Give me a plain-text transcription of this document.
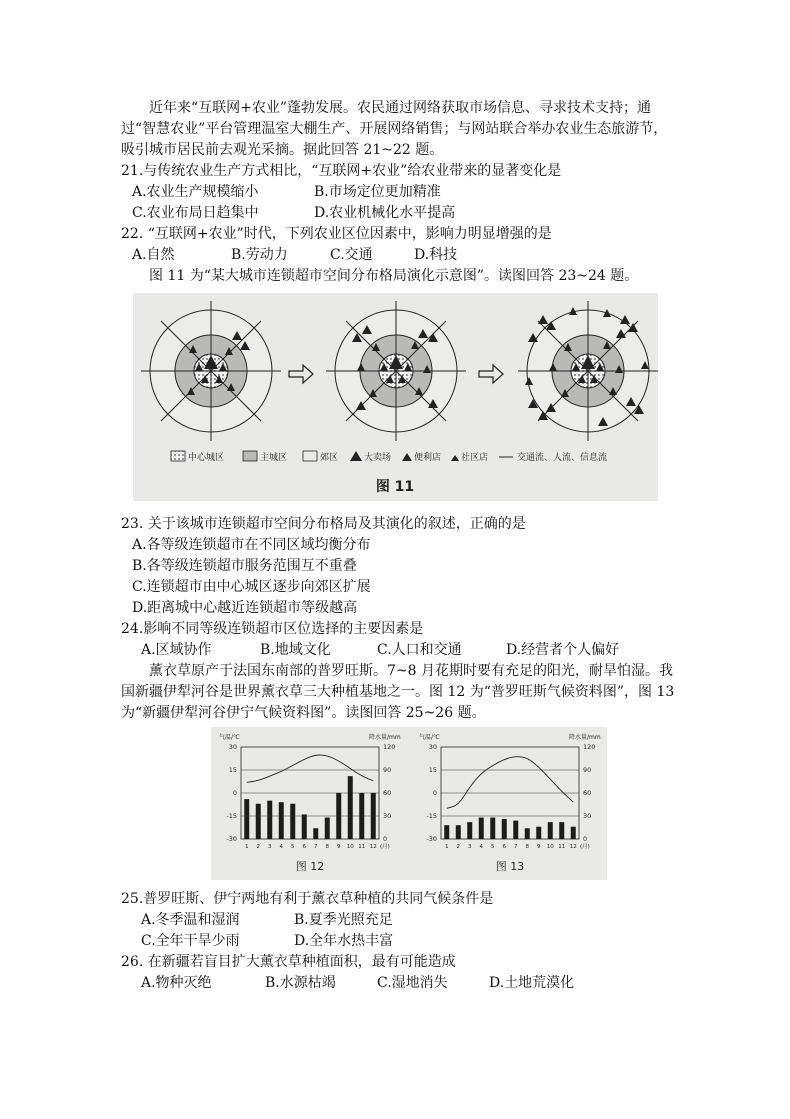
近年来“互联网+农业”蓬勃发展。农民通过网络获取市场信息、寻求技术支持；通
过“智慧农业”平台管理温室大棚生产、开展网络销售；与网站联合举办农业生态旅游节，
吸引城市居民前去观光采摘。据此回答 21~22 题。
21.与传统农业生产方式相比，“互联网+农业”给农业带来的显著变化是
A.农业生产规模缩小	B.市场定位更加精准
C.农业布局日趋集中	D.农业机械化水平提高
22. “互联网+农业”时代，下列农业区位因素中，影响力明显增强的是
A.自然	B.劳动力	C.交通	D.科技
图 11 为“某大城市连锁超市空间分布格局演化示意图”。读图回答 23~24 题。
中心城区	主城区	郊区	大卖场	便利店 社区店	交通流、人流、信息流
图 11
23. 关于该城市连锁超市空间分布格局及其演化的叙述，正确的是
A.各等级连锁超市在不同区域均衡分布
B.各等级连锁超市服务范围互不重叠
C.连锁超市由中心城区逐步向郊区扩展
D.距离城中心越近连锁超市等级越高
24.影响不同等级连锁超市区位选择的主要因素是
A.区域协作	B.地域文化	C.人口和交通	D.经营者个人偏好
薰衣草原产于法国东南部的普罗旺斯。7~8 月花期时要有充足的阳光，耐旱怕湿。我
国新疆伊犁河谷是世界薰衣草三大种植基地之一。图 12 为“普罗旺斯气候资料图”，图 13
为“新疆伊犁河谷伊宁气候资料图”。读图回答 25~26 题。
气温/℃	降水量/mm
30	120
15	90
0	60
-15	30
-30	0
1 2 3 4 5 6 7 8 9 10 11 12 (月)
图 12
气温/℃	降水量/mm
30	120
15	90
0	60
-15	30
-30	0
1 2 3 4 5 6 7 8 9 10 11 12 (月)
图 13
25.普罗旺斯、伊宁两地有利于薰衣草种植的共同气候条件是
A.冬季温和湿润	B.夏季光照充足
C.全年干旱少雨	D.全年水热丰富
26. 在新疆若盲目扩大薰衣草种植面积，最有可能造成
A.物种灭绝	B.水源枯竭	C.湿地消失	D.土地荒漠化
